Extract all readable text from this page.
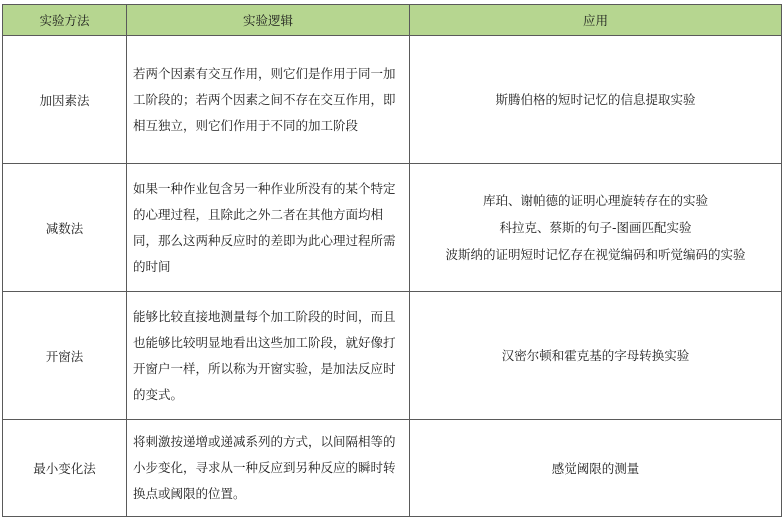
实验方法	实验逻辑	应用
加因素法	若两个因素有交互作用，则它们是作用于同一加工阶段的；若两个因素之间不存在交互作用，即相互独立，则它们作用于不同的加工阶段	斯腾伯格的短时记忆的信息提取实验

减数法	如果一种作业包含另一种作业所没有的某个特定的心理过程，且除此之外二者在其他方面均相同，那么这两种反应时的差即为此心理过程所需的时间	库珀、谢帕德的证明心理旋转存在的实验
科拉克、蔡斯的句子-图画匹配实验
波斯纳的证明短时记忆存在视觉编码和听觉编码的实验

开窗法	能够比较直接地测量每个加工阶段的时间，而且也能够比较明显地看出这些加工阶段，就好像打开窗户一样，所以称为开窗实验，是加法反应时的变式。	汉密尔顿和霍克基的字母转换实验

最小变化法	将刺激按递增或递减系列的方式，以间隔相等的小步变化，寻求从一种反应到另种反应的瞬时转换点或阈限的位置。	感觉阈限的测量
